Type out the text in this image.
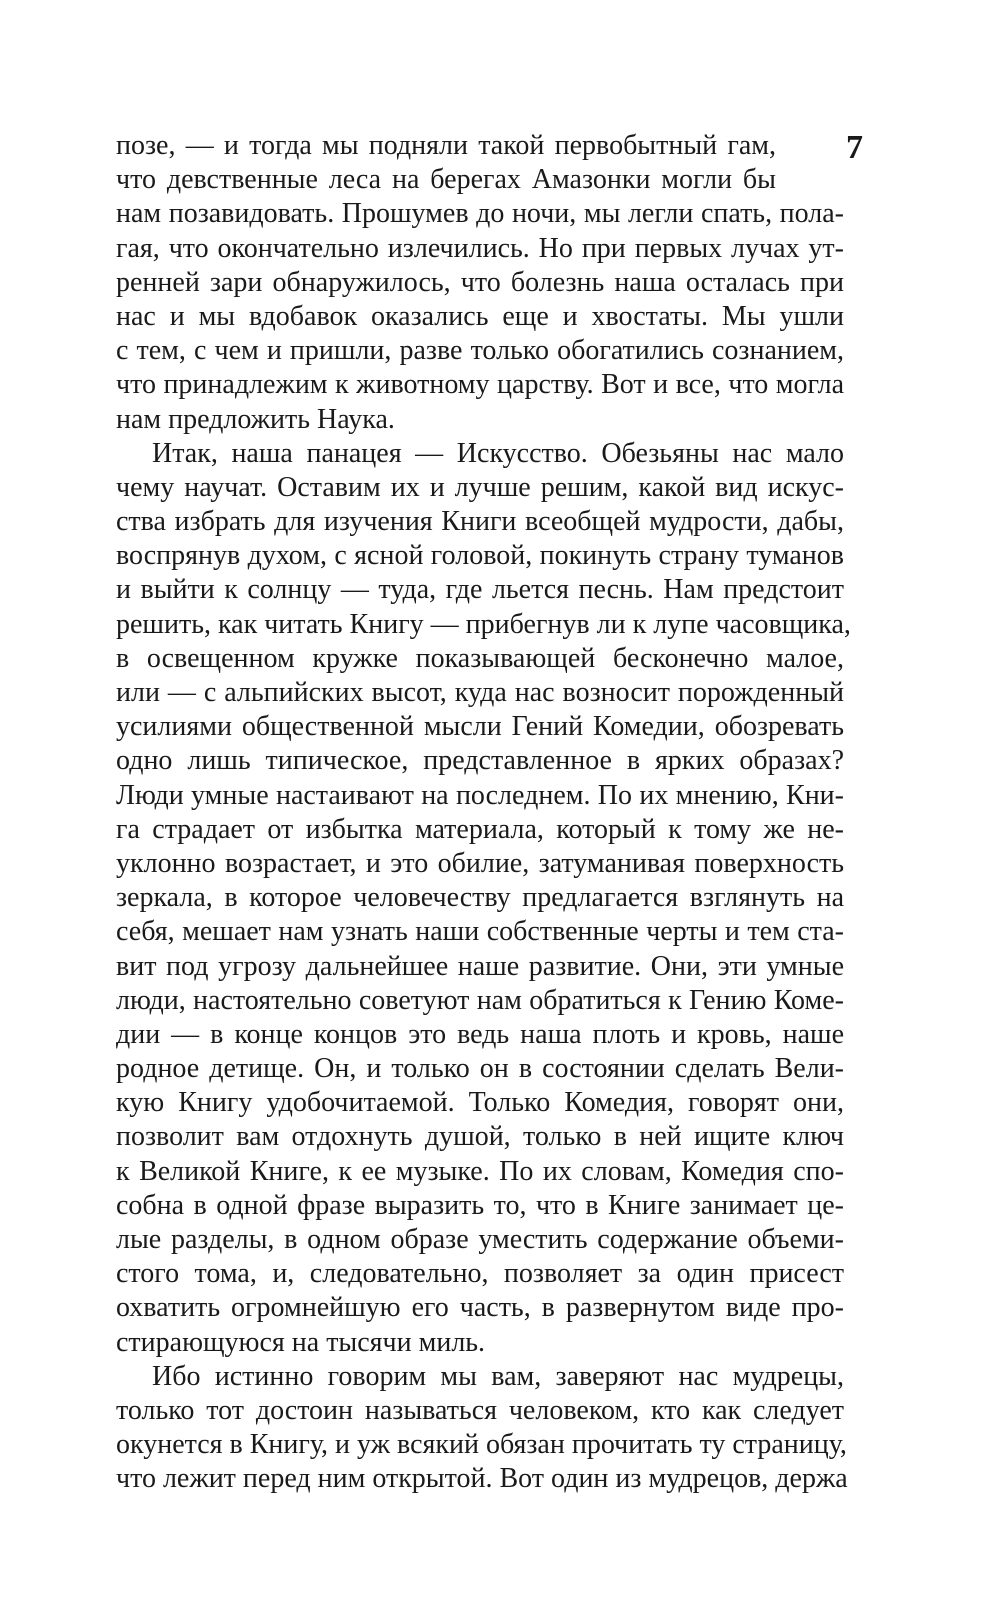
7
позе, — и тогда мы подняли такой первобытный гам,
что девственные леса на берегах Амазонки могли бы
нам позавидовать. Прошумев до ночи, мы легли спать, пола-
гая, что окончательно излечились. Но при первых лучах ут-
ренней зари обнаружилось, что болезнь наша осталась при
нас и мы вдобавок оказались еще и хвостаты. Мы ушли
с тем, с чем и пришли, разве только обогатились сознанием,
что принадлежим к животному царству. Вот и все, что могла
нам предложить Наука.
Итак, наша панацея — Искусство. Обезьяны нас мало
чему научат. Оставим их и лучше решим, какой вид искус-
ства избрать для изучения Книги всеобщей мудрости, дабы,
воспрянув духом, с ясной головой, покинуть страну туманов
и выйти к солнцу — туда, где льется песнь. Нам предстоит
решить, как читать Книгу — прибегнув ли к лупе часовщика,
в освещенном кружке показывающей бесконечно малое,
или — с альпийских высот, куда нас возносит порожденный
усилиями общественной мысли Гений Комедии, обозревать
одно лишь типическое, представленное в ярких образах?
Люди умные настаивают на последнем. По их мнению, Кни-
га страдает от избытка материала, который к тому же не-
уклонно возрастает, и это обилие, затуманивая поверхность
зеркала, в которое человечеству предлагается взглянуть на
себя, мешает нам узнать наши собственные черты и тем ста-
вит под угрозу дальнейшее наше развитие. Они, эти умные
люди, настоятельно советуют нам обратиться к Гению Коме-
дии — в конце концов это ведь наша плоть и кровь, наше
родное детище. Он, и только он в состоянии сделать Вели-
кую Книгу удобочитаемой. Только Комедия, говорят они,
позволит вам отдохнуть душой, только в ней ищите ключ
к Великой Книге, к ее музыке. По их словам, Комедия спо-
собна в одной фразе выразить то, что в Книге занимает це-
лые разделы, в одном образе уместить содержание объеми-
стого тома, и, следовательно, позволяет за один присест
охватить огромнейшую его часть, в развернутом виде про-
стирающуюся на тысячи миль.
Ибо истинно говорим мы вам, заверяют нас мудрецы,
только тот достоин называться человеком, кто как следует
окунется в Книгу, и уж всякий обязан прочитать ту страницу,
что лежит перед ним открытой. Вот один из мудрецов, держа
